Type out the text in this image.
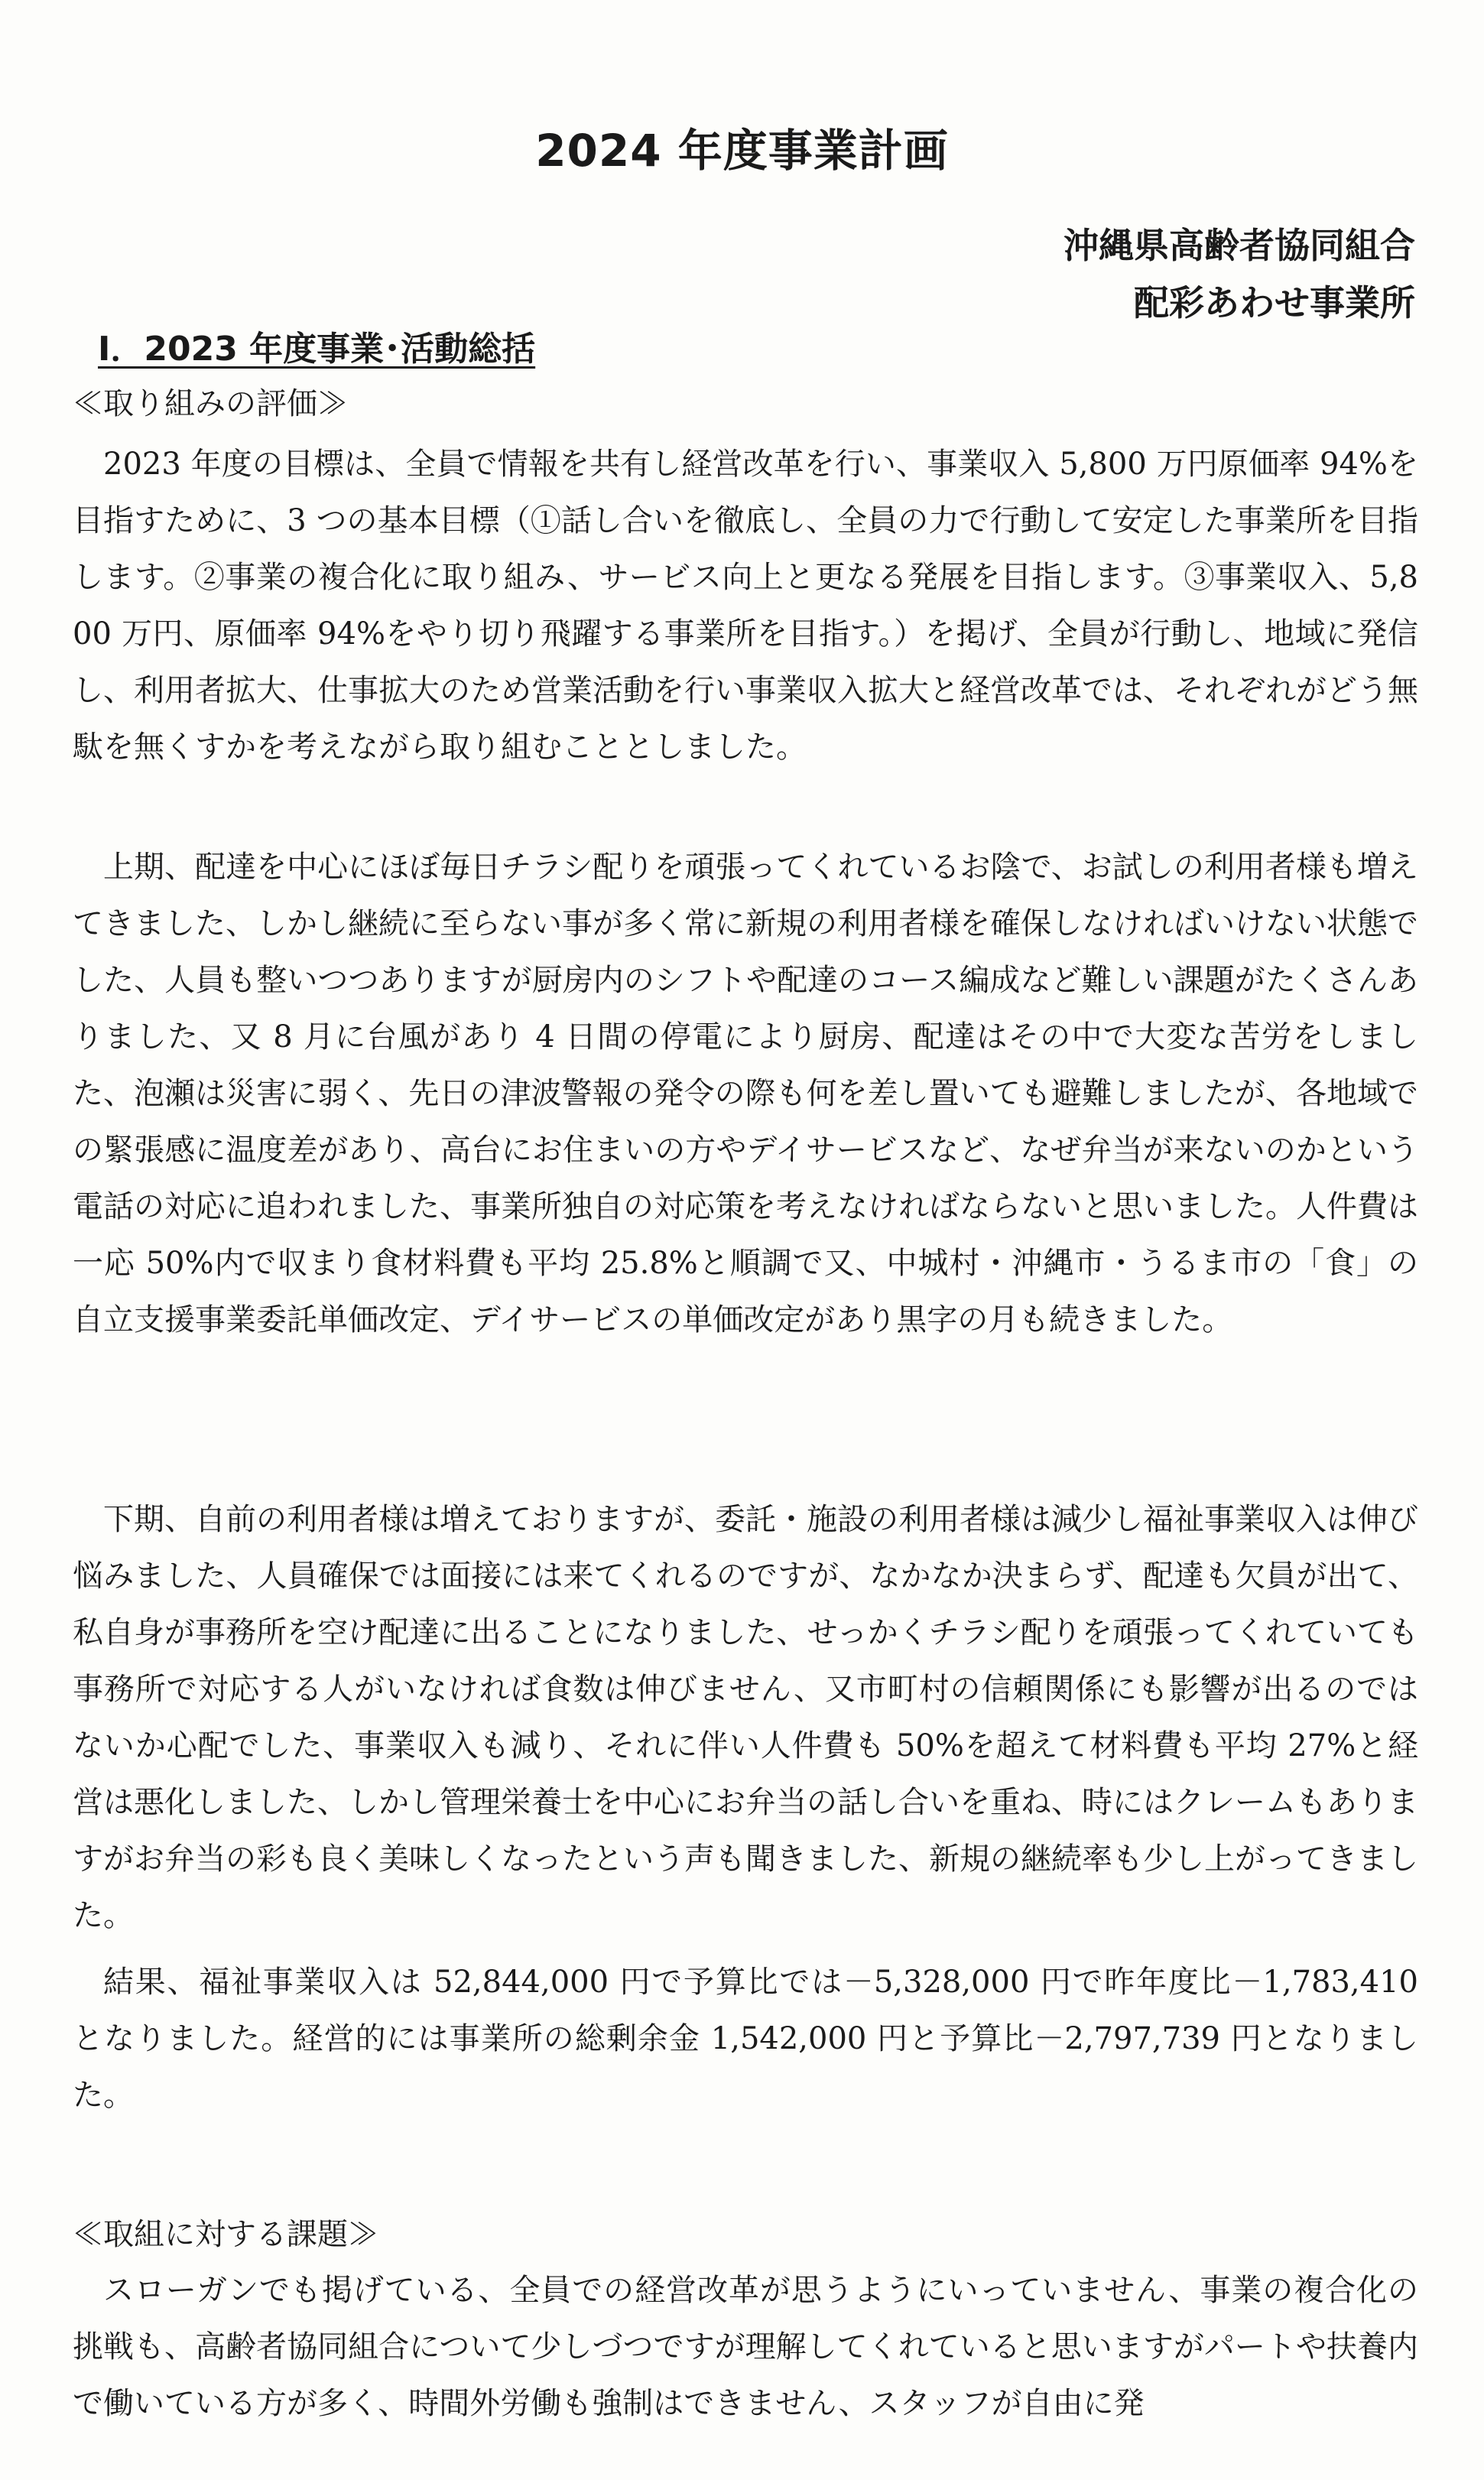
2024 年度事業計画

沖縄県高齢者協同組合

配彩あわせ事業所

Ⅰ．2023 年度事業･活動総括

≪取り組みの評価≫

2023 年度の目標は、全員で情報を共有し経営改革を行い、事業収入 5,800 万円原価率 94%を目指すために、3 つの基本目標（①話し合いを徹底し、全員の力で行動して安定した事業所を目指します。②事業の複合化に取り組み、サービス向上と更なる発展を目指します。③事業収入、5,800 万円、原価率 94%をやり切り飛躍する事業所を目指す。）を掲げ、全員が行動し、地域に発信し、利用者拡大、仕事拡大のため営業活動を行い事業収入拡大と経営改革では、それぞれがどう無駄を無くすかを考えながら取り組むこととしました。

上期、配達を中心にほぼ毎日チラシ配りを頑張ってくれているお陰で、お試しの利用者様も増えてきました、しかし継続に至らない事が多く常に新規の利用者様を確保しなければいけない状態でした、人員も整いつつありますが厨房内のシフトや配達のコース編成など難しい課題がたくさんありました、又 8 月に台風があり 4 日間の停電により厨房、配達はその中で大変な苦労をしました、泡瀬は災害に弱く、先日の津波警報の発令の際も何を差し置いても避難しましたが、各地域での緊張感に温度差があり、高台にお住まいの方やデイサービスなど、なぜ弁当が来ないのかという電話の対応に追われました、事業所独自の対応策を考えなければならないと思いました。人件費は一応 50%内で収まり食材料費も平均 25.8%と順調で又、中城村・沖縄市・うるま市の「食」の自立支援事業委託単価改定、デイサービスの単価改定があり黒字の月も続きました。

下期、自前の利用者様は増えておりますが、委託・施設の利用者様は減少し福祉事業収入は伸び悩みました、人員確保では面接には来てくれるのですが、なかなか決まらず、配達も欠員が出て、私自身が事務所を空け配達に出ることになりました、せっかくチラシ配りを頑張ってくれていても事務所で対応する人がいなければ食数は伸びません、又市町村の信頼関係にも影響が出るのではないか心配でした、事業収入も減り、それに伴い人件費も 50%を超えて材料費も平均 27%と経営は悪化しました、しかし管理栄養士を中心にお弁当の話し合いを重ね、時にはクレームもありますがお弁当の彩も良く美味しくなったという声も聞きました、新規の継続率も少し上がってきました。

結果、福祉事業収入は 52,844,000 円で予算比では－5,328,000 円で昨年度比－1,783,410 となりました。経営的には事業所の総剰余金 1,542,000 円と予算比－2,797,739 円となりました。

≪取組に対する課題≫

スローガンでも掲げている、全員での経営改革が思うようにいっていません、事業の複合化の挑戦も、高齢者協同組合について少しづつですが理解してくれていると思いますがパートや扶養内で働いている方が多く、時間外労働も強制はできません、スタッフが自由に発
